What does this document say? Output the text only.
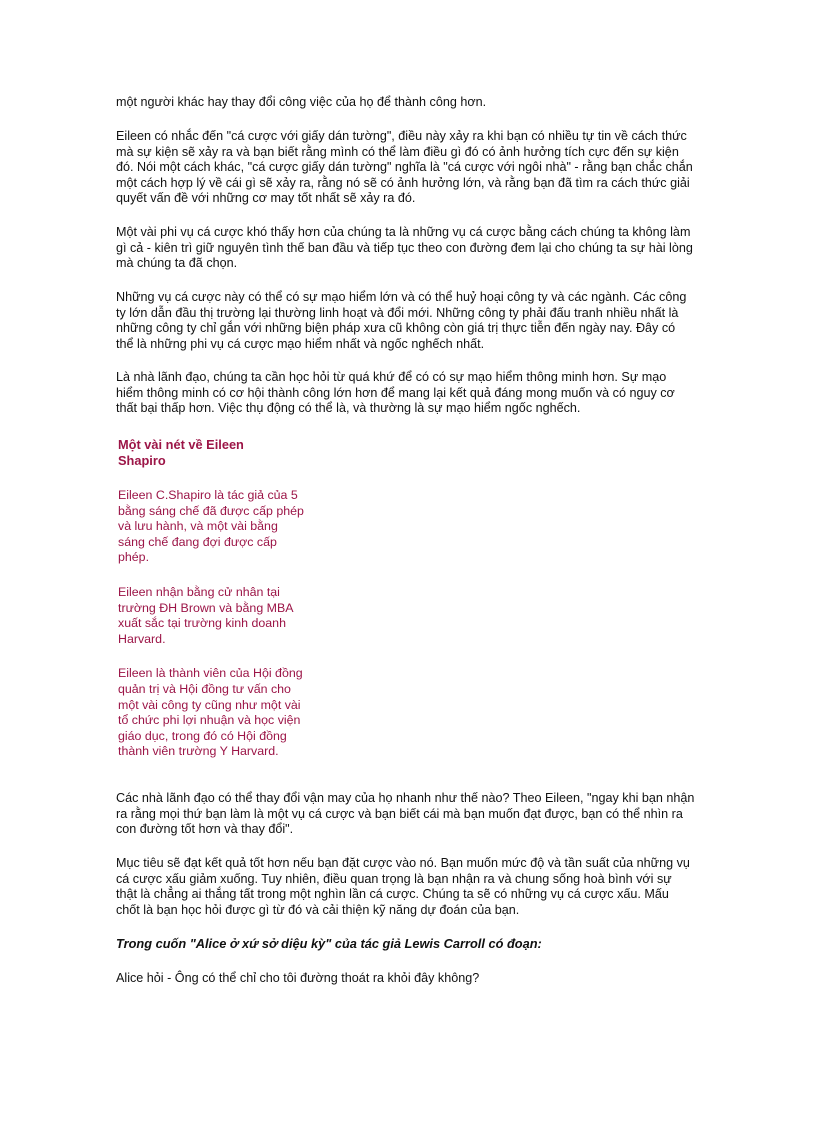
một người khác hay thay đổi công việc của họ để thành công hơn.

Eileen có nhắc đến "cá cược với giấy dán tường", điều này xảy ra khi bạn có nhiều tự tin về cách thức mà sự kiện sẽ xảy ra và bạn biết rằng mình có thể làm điều gì đó có ảnh hưởng tích cực đến sự kiện đó. Nói một cách khác, "cá cược giấy dán tường" nghĩa là "cá cược với ngôi nhà" - rằng bạn chắc chắn một cách hợp lý về cái gì sẽ xảy ra, rằng nó sẽ có ảnh hưởng lớn, và rằng bạn đã tìm ra cách thức giải quyết vấn đề với những cơ may tốt nhất sẽ xảy ra đó.

Một vài phi vụ cá cược khó thấy hơn của chúng ta là những vụ cá cược bằng cách chúng ta không làm gì cả - kiên trì giữ nguyên tình thế ban đầu và tiếp tục theo con đường đem lại cho chúng ta sự hài lòng mà chúng ta đã chọn.

Những vụ cá cược này có thể có sự mạo hiểm lớn và có thể huỷ hoại công ty và các ngành. Các công ty lớn dẫn đầu thị trường lại thường linh hoạt và đổi mới. Những công ty phải đấu tranh nhiều nhất là những công ty chỉ gắn với những biện pháp xưa cũ không còn giá trị thực tiễn đến ngày nay. Đây có thể là những phi vụ cá cược mạo hiểm nhất và ngốc nghếch nhất.

Là nhà lãnh đạo, chúng ta cần học hỏi từ quá khứ để có có sự mạo hiểm thông minh hơn. Sự mạo hiểm thông minh có cơ hội thành công lớn hơn để mang lại kết quả đáng mong muốn và có nguy cơ thất bại thấp hơn. Việc thụ động có thể là, và thường là sự mạo hiểm ngốc nghếch.

Một vài nét về Eileen Shapiro
Eileen C.Shapiro là tác giả của 5 bằng sáng chế đã được cấp phép và lưu hành, và một vài bằng sáng chế đang đợi được cấp phép.
Eileen nhận bằng cử nhân tại trường ĐH Brown và bằng MBA xuất sắc tại trường kinh doanh Harvard.
Eileen là thành viên của Hội đồng quản trị và Hội đồng tư vấn cho một vài công ty cũng như một vài tổ chức phi lợi nhuận và học viện giáo dục, trong đó có Hội đồng thành viên trường Y Harvard.

Các nhà lãnh đạo có thể thay đổi vận may của họ nhanh như thế nào? Theo Eileen, "ngay khi bạn nhận ra rằng mọi thứ bạn làm là một vụ cá cược và bạn biết cái mà bạn muốn đạt được, bạn có thể nhìn ra con đường tốt hơn và thay đổi".

Mục tiêu sẽ đạt kết quả tốt hơn nếu bạn đặt cược vào nó. Bạn muốn mức độ và tần suất của những vụ cá cược xấu giảm xuống. Tuy nhiên, điều quan trọng là bạn nhận ra và chung sống hoà bình với sự thật là chẳng ai thắng tất trong một nghìn lần cá cược. Chúng ta sẽ có những vụ cá cược xấu. Mấu chốt là bạn học hỏi được gì từ đó và cải thiện kỹ năng dự đoán của bạn.

Trong cuốn "Alice ở xứ sở diệu kỳ" của tác giả Lewis Carroll có đoạn:

Alice hỏi - Ông có thể chỉ cho tôi đường thoát ra khỏi đây không?
